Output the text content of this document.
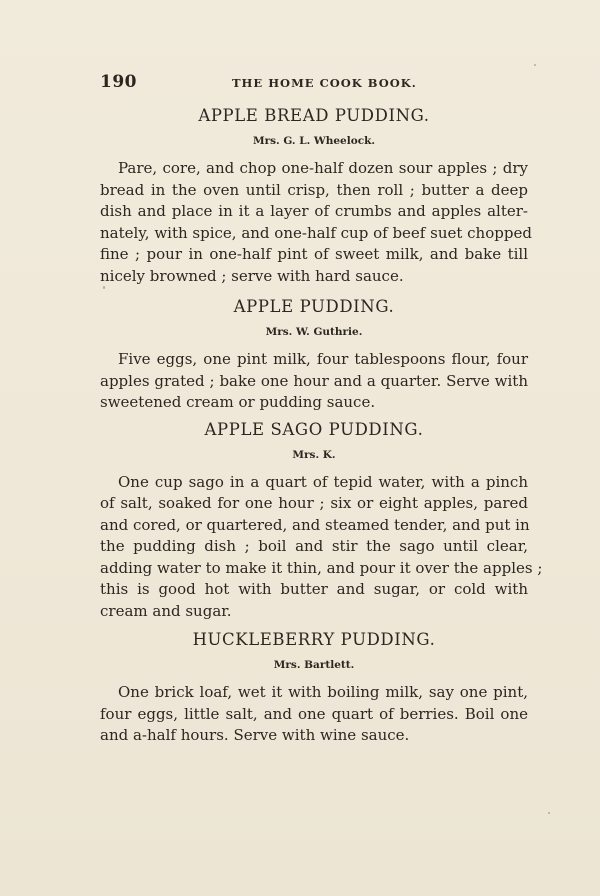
190	THE HOME COOK BOOK.
APPLE BREAD PUDDING.
Mrs. G. L. Wheelock.
Pare, core, and chop one-half dozen sour apples ; dry
bread in the oven until crisp, then roll ; butter a deep
dish and place in it a layer of crumbs and apples alter-
nately, with spice, and one-half cup of beef suet chopped
fine ; pour in one-half pint of sweet milk, and bake till
nicely browned ; serve with hard sauce.
APPLE PUDDING.
Mrs. W. Guthrie.
Five eggs, one pint milk, four tablespoons flour, four
apples grated ; bake one hour and a quarter. Serve with
sweetened cream or pudding sauce.
APPLE SAGO PUDDING.
Mrs. K.
One cup sago in a quart of tepid water, with a pinch
of salt, soaked for one hour ; six or eight apples, pared
and cored, or quartered, and steamed tender, and put in
the pudding dish ; boil and stir the sago until clear,
adding water to make it thin, and pour it over the apples ;
this is good hot with butter and sugar, or cold with
cream and sugar.
HUCKLEBERRY PUDDING.
Mrs. Bartlett.
One brick loaf, wet it with boiling milk, say one pint,
four eggs, little salt, and one quart of berries. Boil one
and a-half hours. Serve with wine sauce.
